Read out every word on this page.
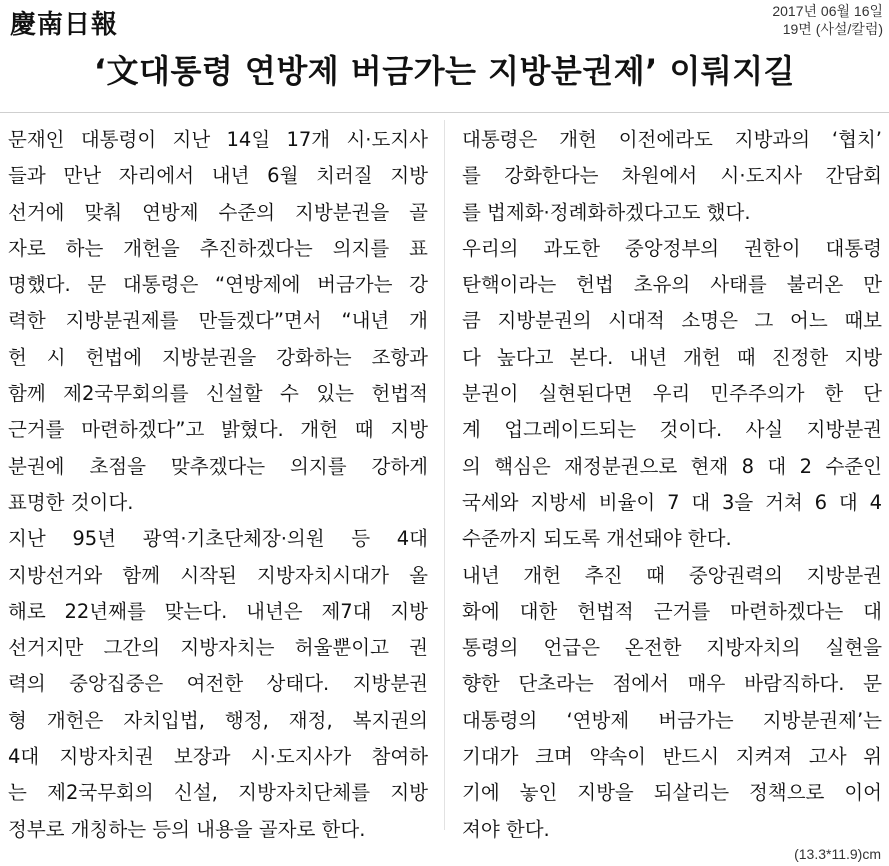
慶南日報	2017년 06월 16일
19면 (사설/칼럼)
‘文대통령 연방제 버금가는 지방분권제’ 이뤄지길
문재인 대통령이 지난 14일 17개 시·도지사
들과 만난 자리에서 내년 6월 치러질 지방
선거에 맞춰 연방제 수준의 지방분권을 골
자로 하는 개헌을 추진하겠다는 의지를 표
명했다. 문 대통령은 “연방제에 버금가는 강
력한 지방분권제를 만들겠다”면서 “내년 개
헌 시 헌법에 지방분권을 강화하는 조항과
함께 제2국무회의를 신설할 수 있는 헌법적
근거를 마련하겠다”고 밝혔다. 개헌 때 지방
분권에 초점을 맞추겠다는 의지를 강하게
표명한 것이다.
지난 95년 광역·기초단체장·의원 등 4대
지방선거와 함께 시작된 지방자치시대가 올
해로 22년째를 맞는다. 내년은 제7대 지방
선거지만 그간의 지방자치는 허울뿐이고 권
력의 중앙집중은 여전한 상태다. 지방분권
형 개헌은 자치입법, 행정, 재정, 복지권의
4대 지방자치권 보장과 시·도지사가 참여하
는 제2국무회의 신설, 지방자치단체를 지방
정부로 개칭하는 등의 내용을 골자로 한다.
대통령은 개헌 이전에라도 지방과의 ‘협치’
를 강화한다는 차원에서 시·도지사 간담회
를 법제화·정례화하겠다고도 했다.
우리의 과도한 중앙정부의 권한이 대통령
탄핵이라는 헌법 초유의 사태를 불러온 만
큼 지방분권의 시대적 소명은 그 어느 때보
다 높다고 본다. 내년 개헌 때 진정한 지방
분권이 실현된다면 우리 민주주의가 한 단
계 업그레이드되는 것이다. 사실 지방분권
의 핵심은 재정분권으로 현재 8 대 2 수준인
국세와 지방세 비율이 7 대 3을 거쳐 6 대 4
수준까지 되도록 개선돼야 한다.
내년 개헌 추진 때 중앙권력의 지방분권
화에 대한 헌법적 근거를 마련하겠다는 대
통령의 언급은 온전한 지방자치의 실현을
향한 단초라는 점에서 매우 바람직하다. 문
대통령의 ‘연방제 버금가는 지방분권제’는
기대가 크며 약속이 반드시 지켜져 고사 위
기에 놓인 지방을 되살리는 정책으로 이어
져야 한다.
(13.3*11.9)cm
